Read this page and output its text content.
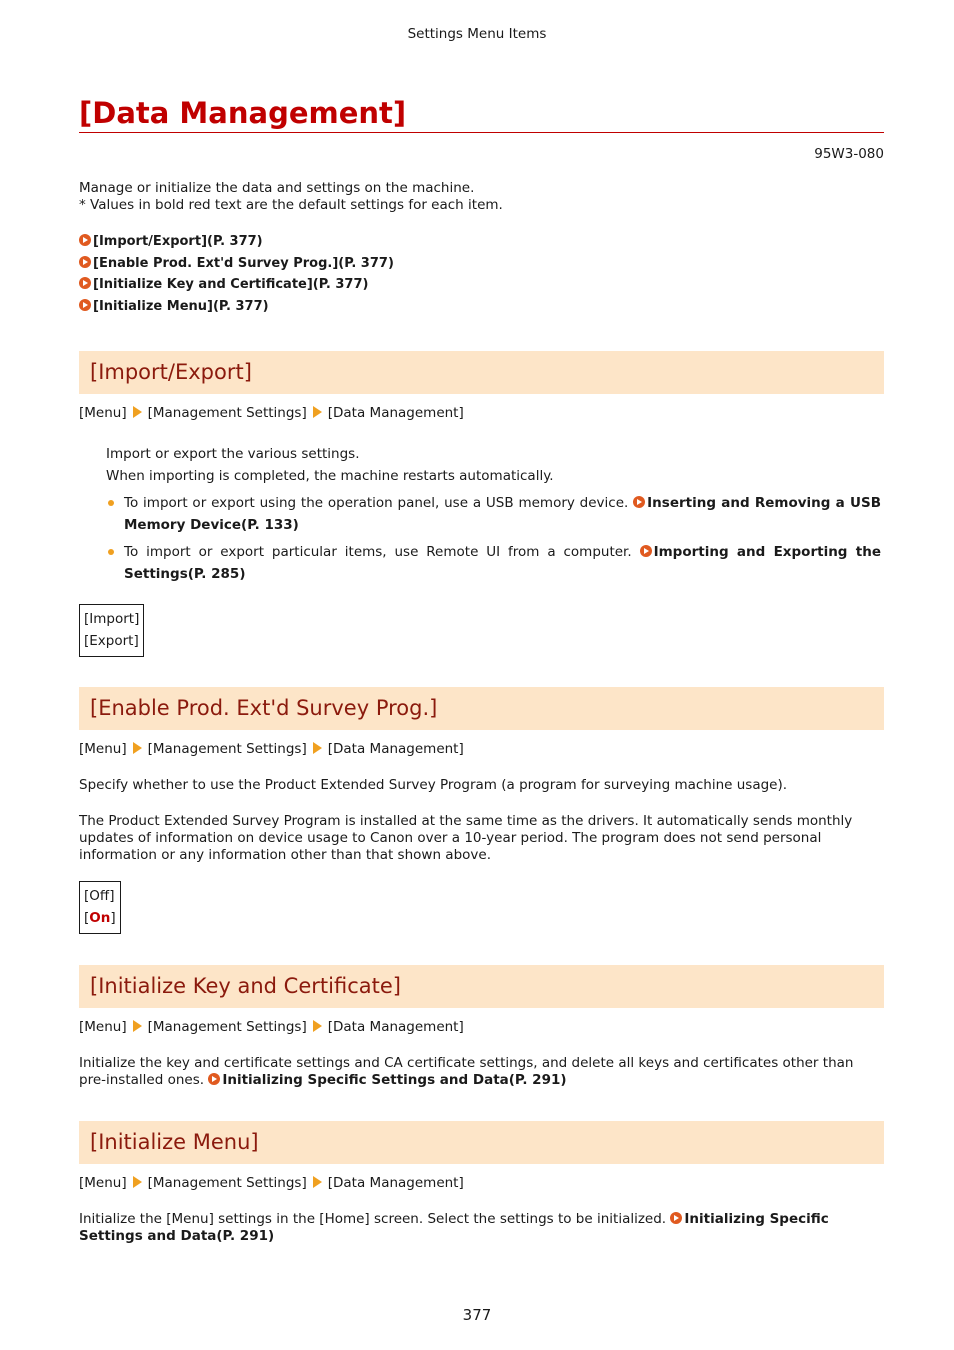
Settings Menu Items
[Data Management]
95W3-080
Manage or initialize the data and settings on the machine.
* Values in bold red text are the default settings for each item.
[Import/Export](P. 377)
[Enable Prod. Ext'd Survey Prog.](P. 377)
[Initialize Key and Certificate](P. 377)
[Initialize Menu](P. 377)
[Import/Export]
[Menu] [Management Settings] [Data Management]
Import or export the various settings.
When importing is completed, the machine restarts automatically.
To import or export using the operation panel, use a USB memory device. Inserting and Removing a USB Memory Device(P. 133)
To import or export particular items, use Remote UI from a computer. Importing and Exporting the Settings(P. 285)
[Import]
[Export]
[Enable Prod. Ext'd Survey Prog.]
[Menu] [Management Settings] [Data Management]
Specify whether to use the Product Extended Survey Program (a program for surveying machine usage).
The Product Extended Survey Program is installed at the same time as the drivers. It automatically sends monthly updates of information on device usage to Canon over a 10-year period. The program does not send personal information or any information other than that shown above.
[Off]
[On]
[Initialize Key and Certificate]
[Menu] [Management Settings] [Data Management]
Initialize the key and certificate settings and CA certificate settings, and delete all keys and certificates other than pre-installed ones. Initializing Specific Settings and Data(P. 291)
[Initialize Menu]
[Menu] [Management Settings] [Data Management]
Initialize the [Menu] settings in the [Home] screen. Select the settings to be initialized. Initializing Specific Settings and Data(P. 291)
377
